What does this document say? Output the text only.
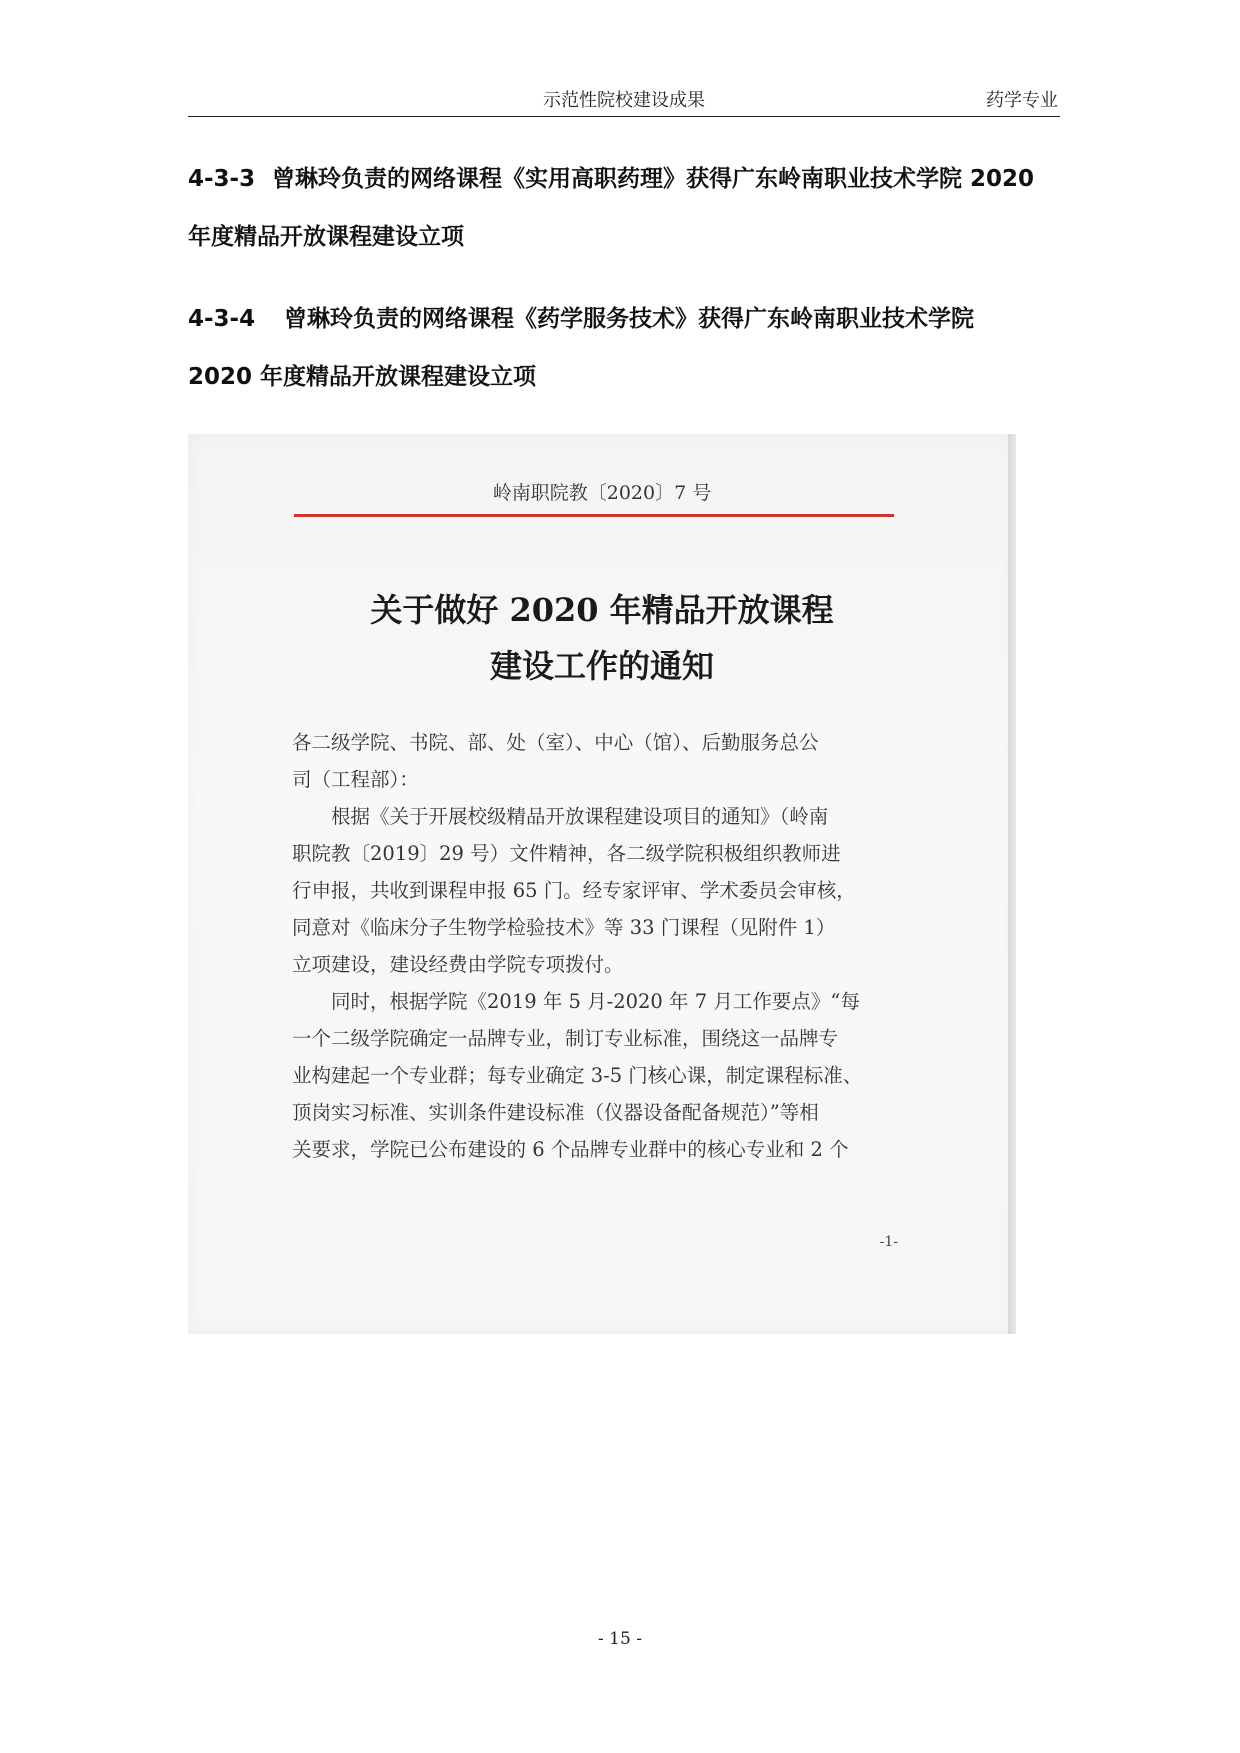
示范性院校建设成果	药学专业
4-3-3 曾琳玲负责的网络课程《实用高职药理》获得广东岭南职业技术学院 2020
年度精品开放课程建设立项
4-3-4 曾琳玲负责的网络课程《药学服务技术》获得广东岭南职业技术学院
2020 年度精品开放课程建设立项
岭南职院教〔2020〕7 号
关于做好 2020 年精品开放课程
建设工作的通知
各二级学院、书院、部、处（室）、中心（馆）、后勤服务总公
司（工程部）：
　　根据《关于开展校级精品开放课程建设项目的通知》（岭南
职院教〔2019〕29 号）文件精神，各二级学院积极组织教师进
行申报，共收到课程申报 65 门。经专家评审、学术委员会审核，
同意对《临床分子生物学检验技术》等 33 门课程（见附件 1）
立项建设，建设经费由学院专项拨付。
　　同时，根据学院《2019 年 5 月-2020 年 7 月工作要点》“每
一个二级学院确定一品牌专业，制订专业标准，围绕这一品牌专
业构建起一个专业群；每专业确定 3-5 门核心课，制定课程标准、
顶岗实习标准、实训条件建设标准（仪器设备配备规范）”等相
关要求，学院已公布建设的 6 个品牌专业群中的核心专业和 2 个
-1-
- 15 -
